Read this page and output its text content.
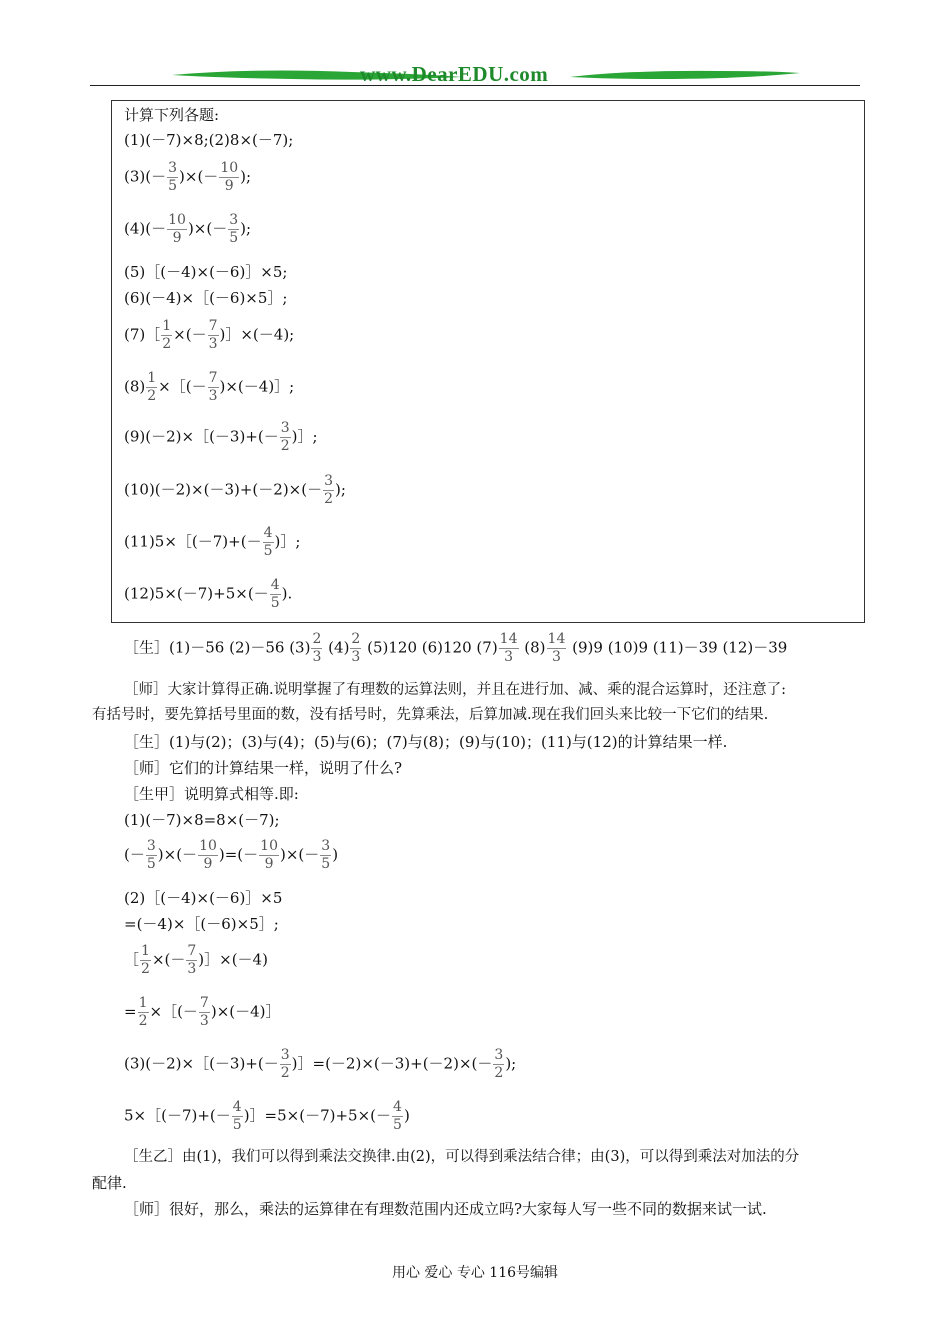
www.DearEDU.com
计算下列各题:
(1)(－7)×8;(2)8×(－7);
$(3)(- \frac{3}{5}$ )×(－ $\frac{10}{9}$ );
$(4)(- \frac{10}{9}$ )×(－ $\frac{3}{5}$ );
(5)［(－4)×(－6)］×5;
(6)(－4)×［(－6)×5］;
(7)［ $\frac{1}{2}$ ×(－ $\frac{7}{3}$ )］×(－4);
$(8) \frac{1}{2}$ ×［(－ $\frac{7}{3}$ )×(－4)］;
(9)(－2)×［(－3)+(－ $\frac{3}{2}$ )］;
$(10)(-2)\times(-3)+(-2)\times(- \frac{3}{2}$ );
(11)5×［(－7)+(－ $\frac{4}{5}$ )］;
$(12)5\times(-7)+5\times(- \frac{4}{5}$ ).
［生］(1)－56 (2)－56 $(3) \frac{2}{3} (4) \frac{2}{3} (5)120$ (6)120 $(7) \frac{14}{3} (8) \frac{14}{3} (9)9$ (10)9 (11)－39 (12)－39
［师］大家计算得正确.说明掌握了有理数的运算法则，并且在进行加、减、乘的混合运算时，还注意了:
有括号时，要先算括号里面的数，没有括号时，先算乘法，后算加减.现在我们回头来比较一下它们的结果.
［生］(1)与(2)；(3)与(4)；(5)与(6)；(7)与(8)；(9)与(10)；(11)与(12)的计算结果一样.
［师］它们的计算结果一样，说明了什么?
［生甲］说明算式相等.即:
(1)(－7)×8=8×(－7);
(－ $\frac{3}{5}$ )×(－ $\frac{10}{9}$ )=(－ $\frac{10}{9}$ )×(－ $\frac{3}{5}$ )
(2)［(－4)×(－6)］×5
=(－4)×［(－6)×5］;
［ $\frac{1}{2}$ ×(－ $\frac{7}{3}$ )］×(－4)
= $\frac{1}{2}$ ×［(－ $\frac{7}{3}$ )×(－4)］
(3)(－2)×［(－3)+(－ $\frac{3}{2}$ )］=(－2)×(－3)+(－2)×(－ $\frac{3}{2}$ );
5×［(－7)+(－ $\frac{4}{5}$ )］=5×(－7)+5×(－ $\frac{4}{5}$ )
［生乙］由(1)，我们可以得到乘法交换律.由(2)，可以得到乘法结合律；由(3)，可以得到乘法对加法的分
配律.
［师］很好，那么，乘法的运算律在有理数范围内还成立吗?大家每人写一些不同的数据来试一试.
用心 爱心 专心 116号编辑
